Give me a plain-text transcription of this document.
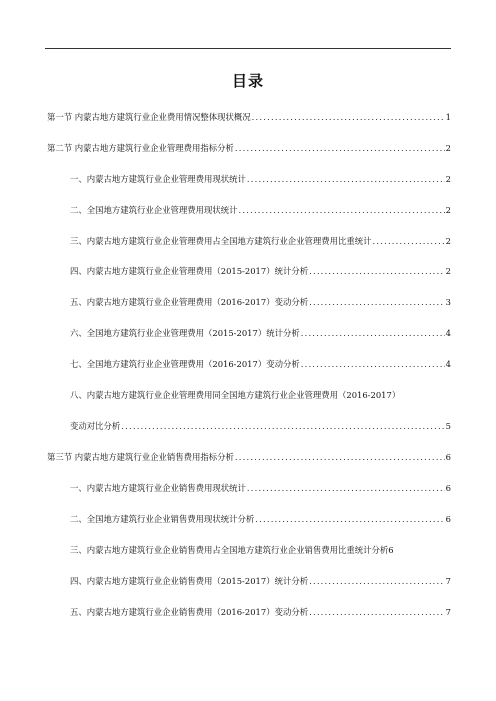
目录
第一节 内蒙古地方建筑行业企业费用情况整体现状概况 .....	1
第二节 内蒙古地方建筑行业企业管理费用指标分析 .....	2
一、内蒙古地方建筑行业企业管理费用现状统计 .....	2
二、全国地方建筑行业企业管理费用现状统计 .....	2
三、内蒙古地方建筑行业企业管理费用占全国地方建筑行业企业管理费用比重统计 .....	2
四、内蒙古地方建筑行业企业管理费用（2015-2017）统计分析 .....	2
五、内蒙古地方建筑行业企业管理费用（2016-2017）变动分析 .....	3
六、全国地方建筑行业企业管理费用（2015-2017）统计分析 .....	4
七、全国地方建筑行业企业管理费用（2016-2017）变动分析 .....	4
八、内蒙古地方建筑行业企业管理费用同全国地方建筑行业企业管理费用（2016-2017）
变动对比分析 .....	5
第三节 内蒙古地方建筑行业企业销售费用指标分析 .....	6
一、内蒙古地方建筑行业企业销售费用现状统计 .....	6
二、全国地方建筑行业企业销售费用现状统计分析 .....	6
三、内蒙古地方建筑行业企业销售费用占全国地方建筑行业企业销售费用比重统计分析 6
四、内蒙古地方建筑行业企业销售费用（2015-2017）统计分析 .....	7
五、内蒙古地方建筑行业企业销售费用（2016-2017）变动分析 .....	7
